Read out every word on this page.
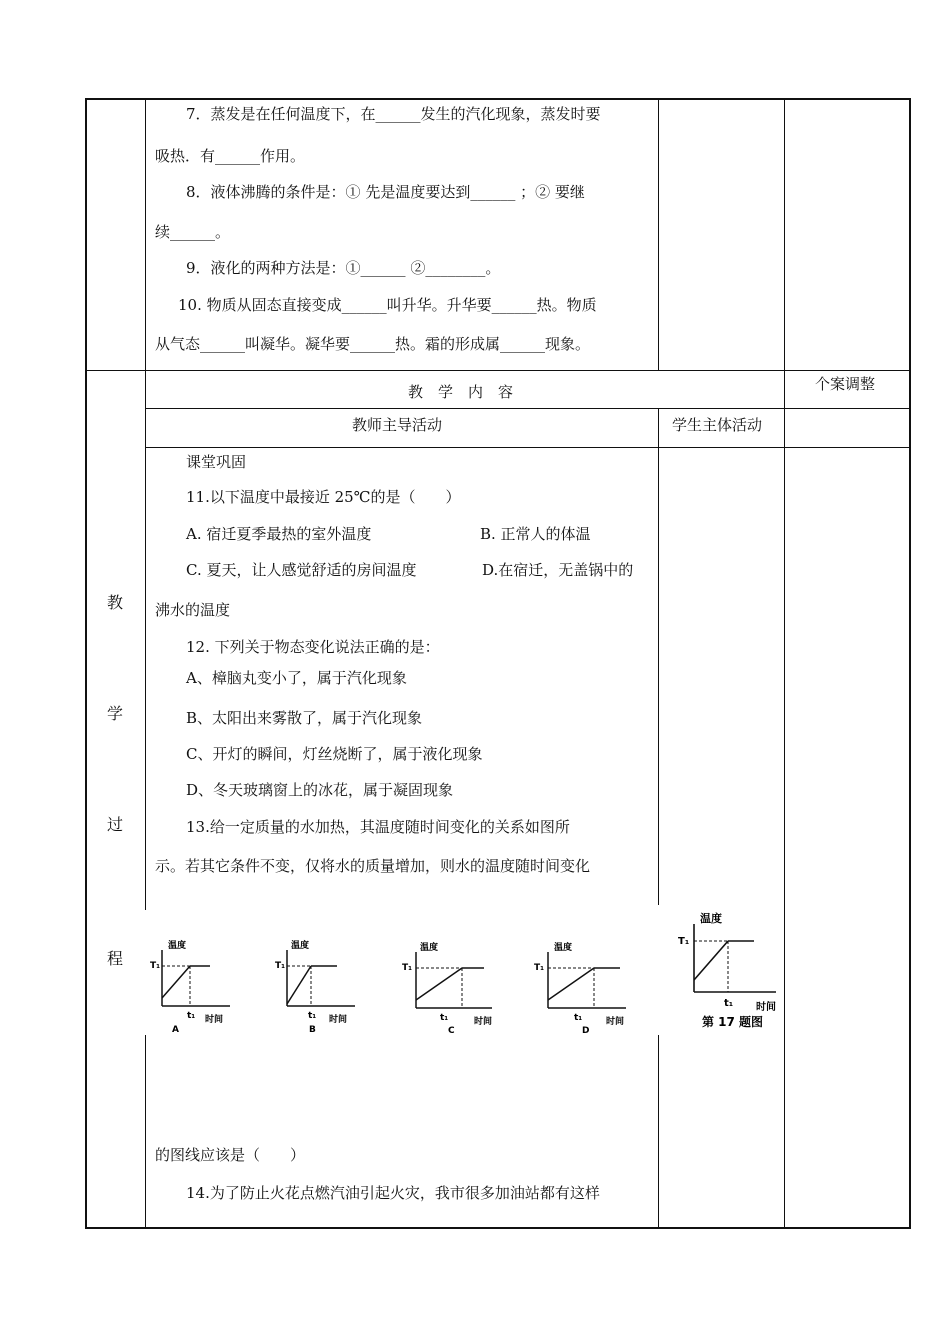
7．蒸发是在任何温度下，在______发生的汽化现象，蒸发时要
吸热．有______作用。
8．液体沸腾的条件是：① 先是温度要达到______ ；② 要继
续______。
9．液化的两种方法是：①______ ②________。
10. 物质从固态直接变成______叫升华。升华要______热。物质
从气态______叫凝华。凝华要______热。霜的形成属______现象。
教　学　内　容	个案调整
教师主导活动	学生主体活动
教
学
过
程
课堂巩固
11.以下温度中最接近 25℃的是（　　）
A. 宿迁夏季最热的室外温度	B. 正常人的体温
C. 夏天，让人感觉舒适的房间温度	D.在宿迁，无盖锅中的
沸水的温度
12. 下列关于物态变化说法正确的是：
A、樟脑丸变小了，属于汽化现象
B、太阳出来雾散了，属于汽化现象
C、开灯的瞬间，灯丝烧断了，属于液化现象
D、冬天玻璃窗上的冰花，属于凝固现象
13.给一定质量的水加热，其温度随时间变化的关系如图所
示。若其它条件不变，仅将水的质量增加，则水的温度随时间变化
的图线应该是（　　）
14.为了防止火花点燃汽油引起火灾，我市很多加油站都有这样
温度
T₁
t₁ 时间
A
温度
T₁
t₁ 时间
B
温度
T₁
t₁	时间
C
温度
T₁
t₁	时间
D
温度
T₁
t₁ 时间
第 17 题图
